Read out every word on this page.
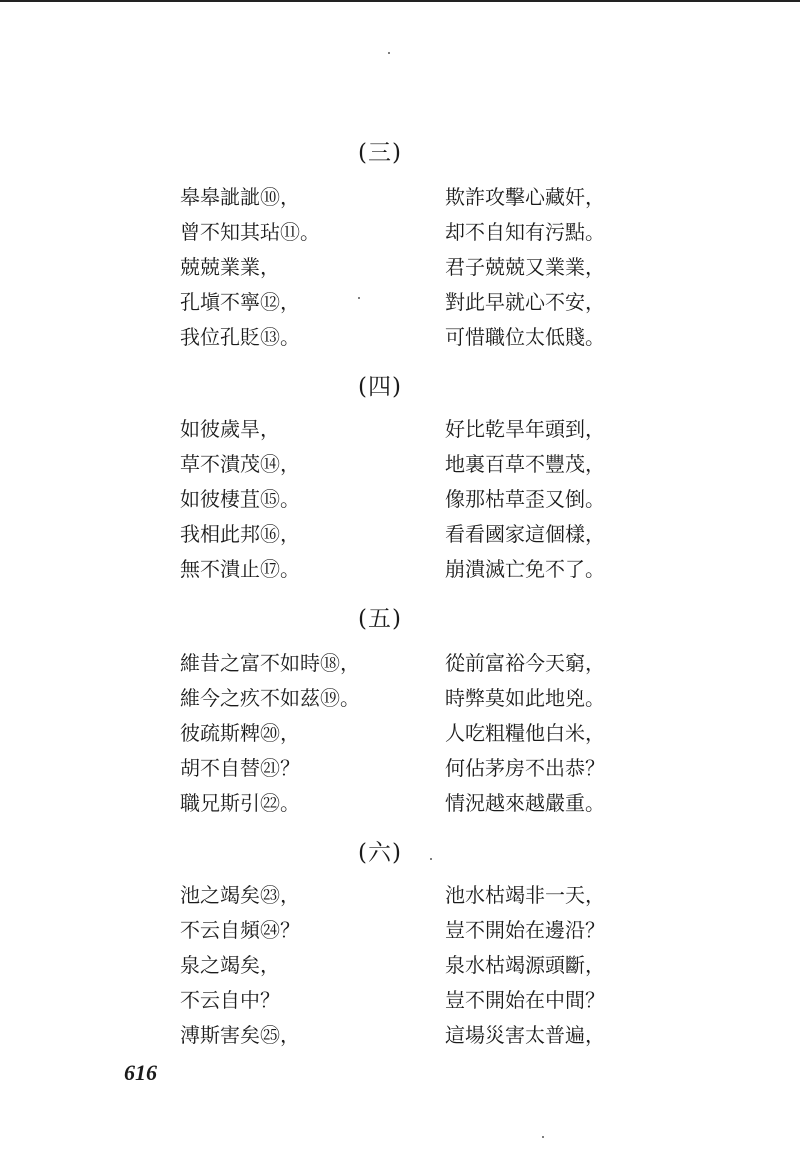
(三)
皋皋訿訿⑩，	欺詐攻擊心藏奸，
曾不知其玷⑪。	却不自知有污點。
兢兢業業，	君子兢兢又業業，
孔塡不寧⑫，	對此早就心不安，
我位孔貶⑬。	可惜職位太低賤。
(四)
如彼歲旱，	好比乾旱年頭到，
草不潰茂⑭，	地裏百草不豐茂，
如彼棲苴⑮。	像那枯草歪又倒。
我相此邦⑯，	看看國家這個樣，
無不潰止⑰。	崩潰滅亡免不了。
(五)
維昔之富不如時⑱，	從前富裕今天窮，
維今之疚不如茲⑲。	時弊莫如此地兇。
彼疏斯粺⑳，	人吃粗糧他白米，
胡不自替㉑？	何佔茅房不出恭？
職兄斯引㉒。	情況越來越嚴重。
(六)
池之竭矣㉓，	池水枯竭非一天，
不云自頻㉔？	豈不開始在邊沿？
泉之竭矣，	泉水枯竭源頭斷，
不云自中？	豈不開始在中間？
溥斯害矣㉕，	這場災害太普遍，
616
